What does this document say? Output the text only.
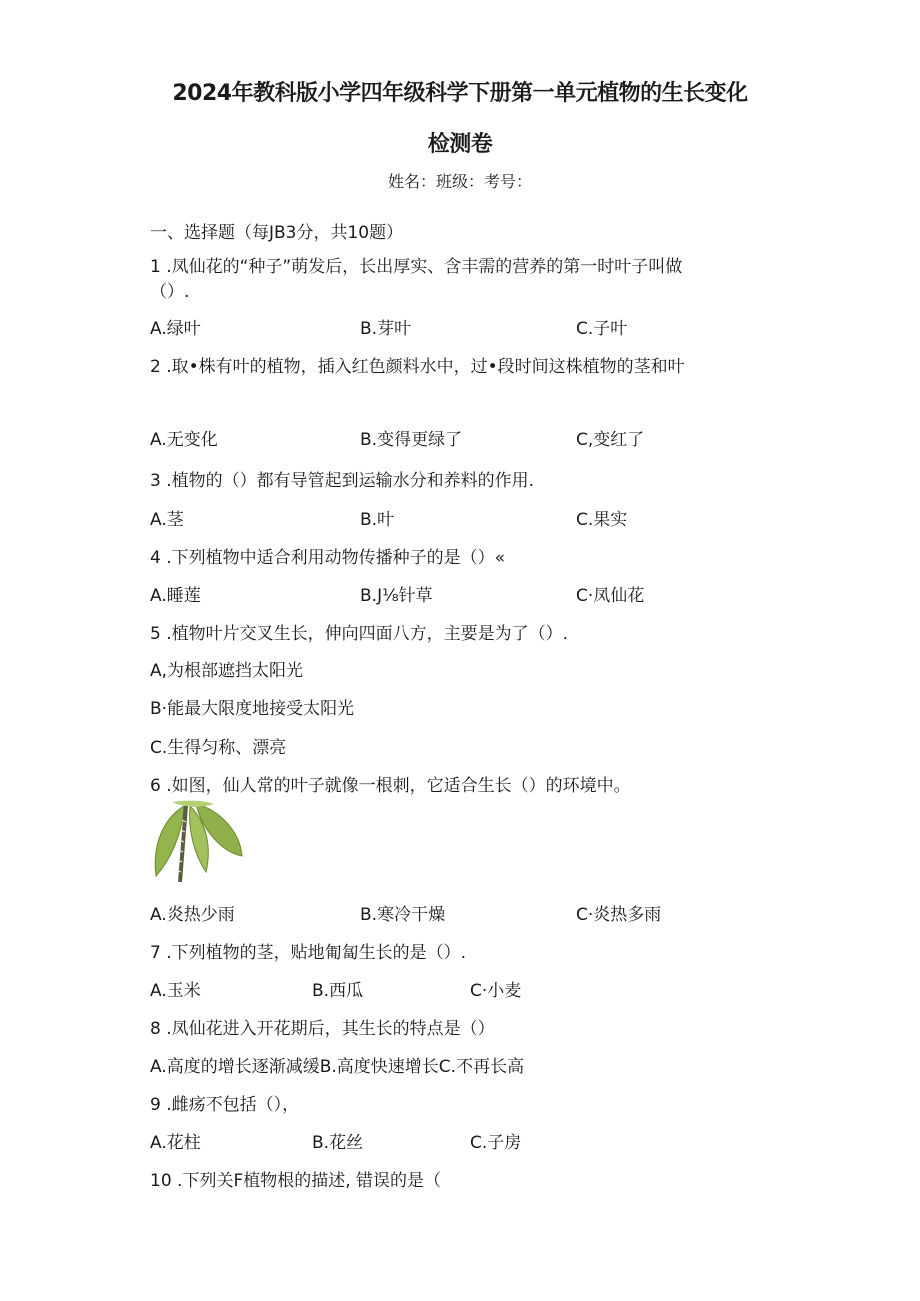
2024年教科版小学四年级科学下册第一单元植物的生长变化
检测卷
姓名：班级：考号：
一、选择题（每JB3分，共10题）
1 .凤仙花的“种子”萌发后，长出厚实、含丰需的营养的第一时叶子叫做
（）.
A.绿叶	B.芽叶	C.子叶
2 .取•株有叶的植物，插入红色颜料水中，过•段时间这株植物的茎和叶
A.无变化	B.变得更绿了	C,变红了
3 .植物的（）都有导管起到运输水分和养料的作用.
A.茎	B.叶	C.果实
4 .下列植物中适合利用动物传播种子的是（）«
A.睡莲	B.J⅛针草	C·凤仙花
5 .植物叶片交叉生长，伸向四面八方，主要是为了（）.
A,为根部遮挡太阳光
B·能最大限度地接受太阳光
C.生得匀称、漂亮
6 .如图，仙人常的叶子就像一根刺，它适合生长（）的环境中。
A.炎热少雨	B.寒冷干燥	C·炎热多雨
7 .下列植物的茎，贴地匍匐生长的是（）.
A.玉米	B.西瓜	C·小麦
8 .凤仙花进入开花期后，其生长的特点是（）
A.高度的增长逐渐减缓B.高度快速增长C.不再长高
9 .雌疡不包括（），
A.花柱	B.花丝	C.子房
10 .下列关F植物根的描述, 错误的是（
